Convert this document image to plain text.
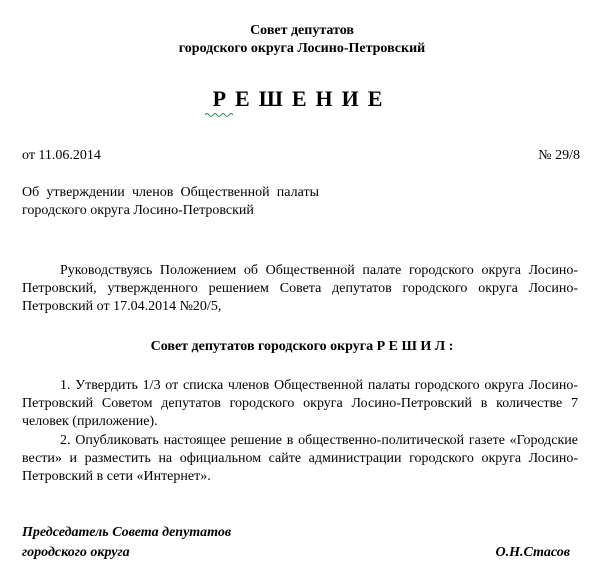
Совет депутатов
городского округа Лосино-Петровский
РЕШЕНИЕ
от 11.06.2014	№ 29/8
Об утверждении членов Общественной палаты городского округа Лосино-Петровский
Руководствуясь Положением об Общественной палате городского округа Лосино-Петровский, утвержденного решением Совета депутатов городского округа Лосино-Петровский от 17.04.2014 №20/5,
Совет депутатов городского округа Р Е Ш И Л :
1. Утвердить 1/3 от списка членов Общественной палаты городского округа Лосино-Петровский Советом депутатов городского округа Лосино-Петровский в количестве 7 человек (приложение).
2. Опубликовать настоящее решение в общественно-политической газете «Городские вести» и разместить на официальном сайте администрации городского округа Лосино-Петровский в сети «Интернет».
Председатель Совета депутатов
городского округа	О.Н.Стасов
